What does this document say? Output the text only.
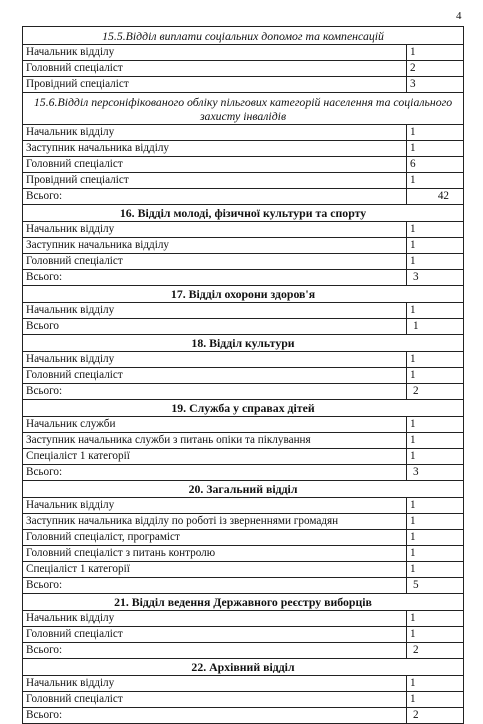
4
15.5.Відділ виплати соціальних допомог та компенсацій	
Начальник відділу	1
Головний спеціаліст	2
Провідний спеціаліст	3
15.6.Відділ персоніфікованого обліку пільгових категорій населення та соціального захисту інвалідів	
Начальник відділу	1
Заступник начальника відділу	1
Головний спеціаліст	6
Провідний спеціаліст	1
Всього:	42
16. Відділ молоді, фізичної культури та спорту	
Начальник відділу	1
Заступник начальника відділу	1
Головний спеціаліст	1
Всього:	3
17. Відділ охорони здоров'я	
Начальник відділу	1
Всього	1
18. Відділ культури	
Начальник відділу	1
Головний спеціаліст	1
Всього:	2
19. Служба у справах дітей	
Начальник служби	1
Заступник начальника служби з питань опіки та піклування	1
Спеціаліст 1 категорії	1
Всього:	3
20. Загальний відділ	
Начальник відділу	1
Заступник начальника відділу по роботі із зверненнями громадян	1
Головний спеціаліст, програміст	1
Головний спеціаліст з питань контролю	1
Спеціаліст 1 категорії	1
Всього:	5
21. Відділ ведення Державного реєстру виборців	
Начальник відділу	1
Головний спеціаліст	1
Всього:	2
22. Архівний відділ	
Начальник відділу	1
Головний спеціаліст	1
Всього:	2
